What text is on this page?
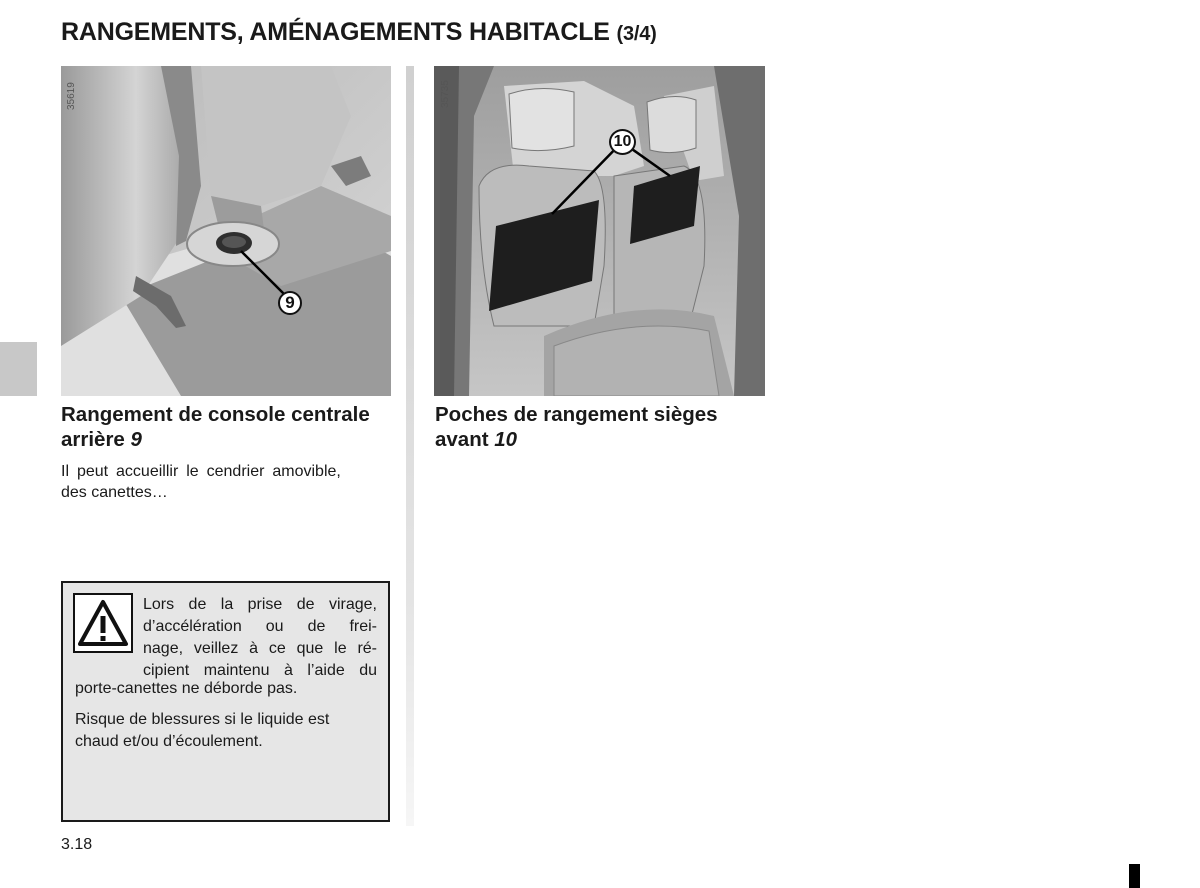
RANGEMENTS, AMÉNAGEMENTS HABITACLE (3/4)
35619
9
35735
10
Rangement de console centrale arrière 9
Il peut accueillir le cendrier amovible,
des canettes…
Poches de rangement sièges avant 10
Lors de la prise de virage,
d’accélération ou de frei-
nage, veillez à ce que le ré-
cipient maintenu à l’aide du
porte-canettes ne déborde pas.
Risque de blessures si le liquide est
chaud et/ou d’écoulement.
3.18
